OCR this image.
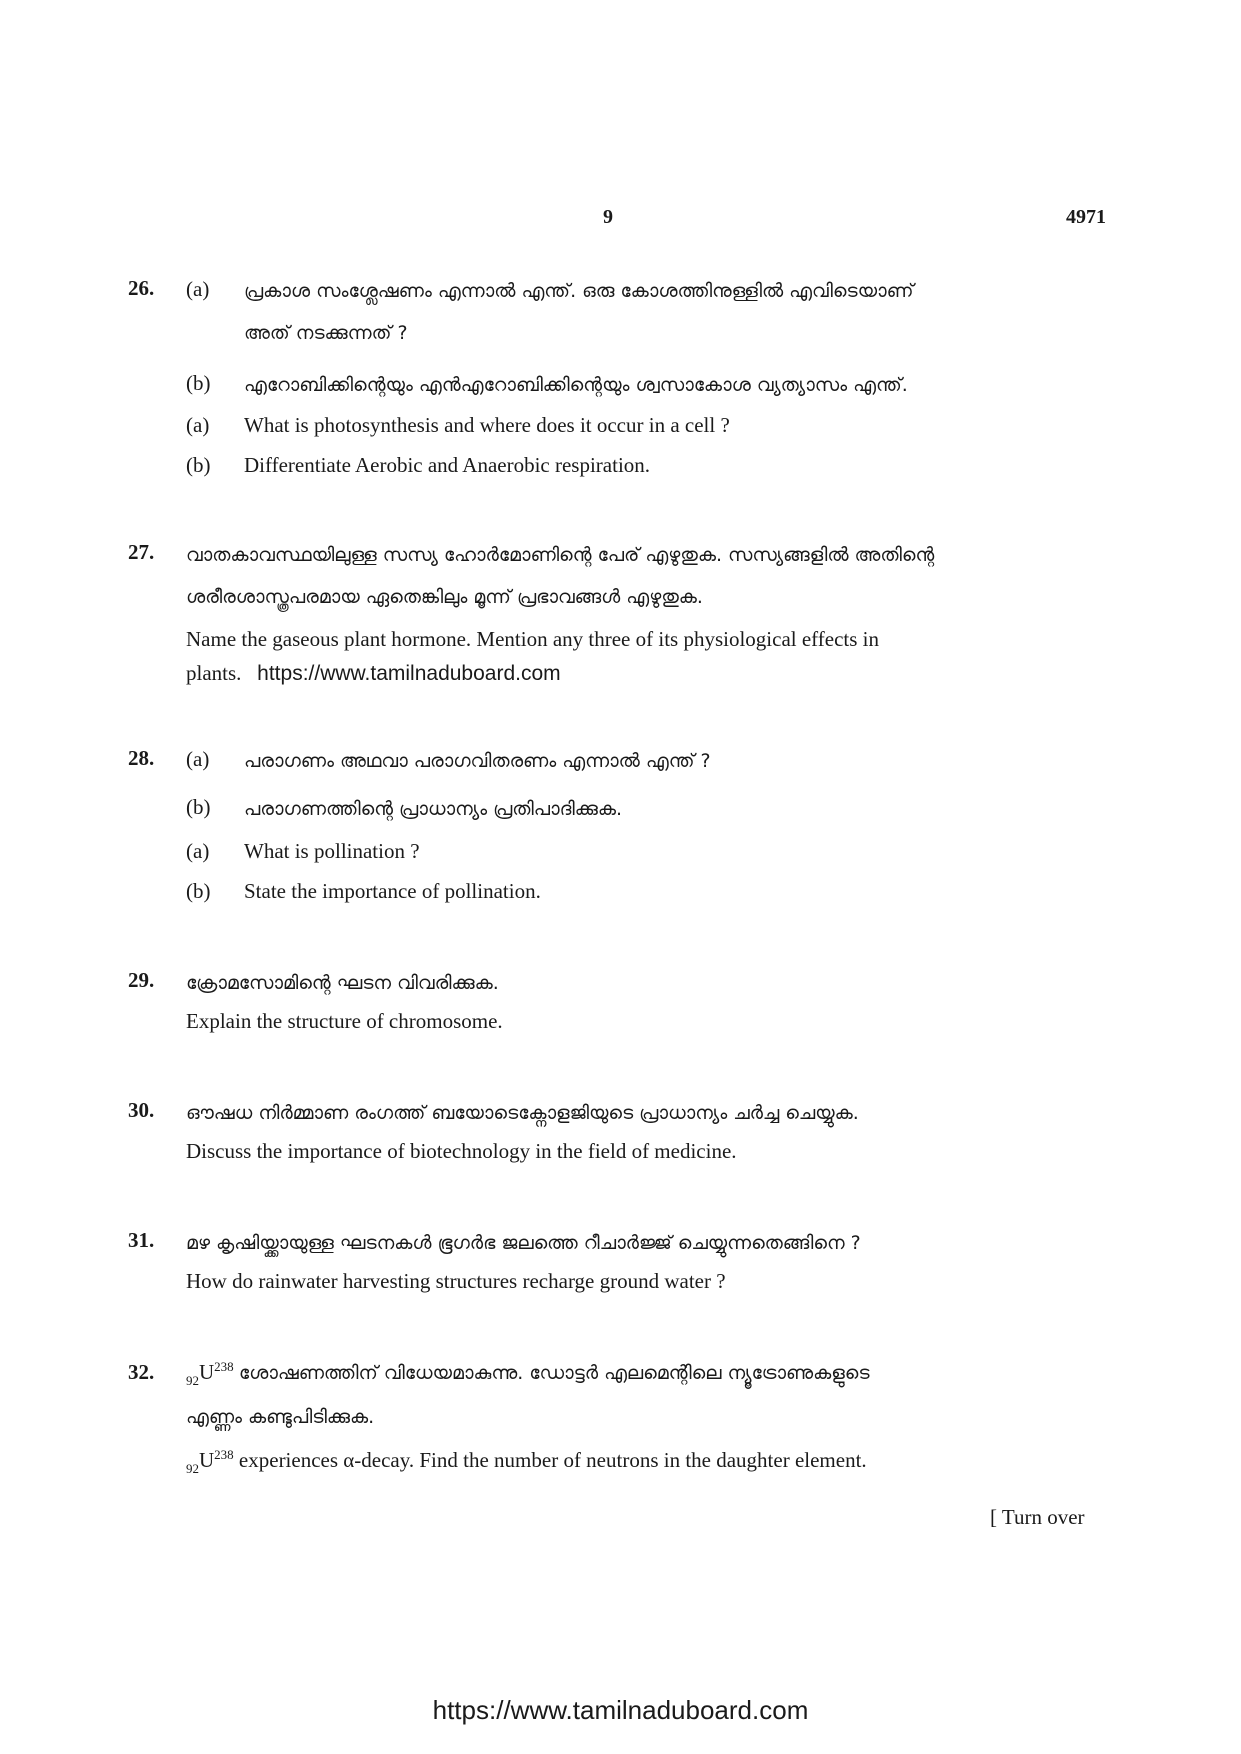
9	4971
26. (a) പ്രകാശ സംശ്ലേഷണം എന്നാൽ എന്ത്. ഒരു കോശത്തിനുള്ളിൽ എവിടെയാണ്
അത് നടക്കുന്നത് ?
(b) എറോബിക്കിന്റെയും എൻഎറോബിക്കിന്റെയും ശ്വസാകോശ വ്യത്യാസം എന്ത്.
(a) What is photosynthesis and where does it occur in a cell ?
(b) Differentiate Aerobic and Anaerobic respiration.
27. വാതകാവസ്ഥയിലുള്ള സസ്യ ഹോർമോണിന്റെ പേര് എഴുതുക. സസ്യങ്ങളിൽ അതിന്റെ
ശരീരശാസ്ത്രപരമായ ഏതെങ്കിലും മൂന്ന് പ്രഭാവങ്ങൾ എഴുതുക.
Name the gaseous plant hormone. Mention any three of its physiological effects in
plants. https://www.tamilnaduboard.com
28. (a) പരാഗണം അഥവാ പരാഗവിതരണം എന്നാൽ എന്ത് ?
(b) പരാഗണത്തിന്റെ പ്രാധാന്യം പ്രതിപാദിക്കുക.
(a) What is pollination ?
(b) State the importance of pollination.
29. ക്രോമസോമിന്റെ ഘടന വിവരിക്കുക.
Explain the structure of chromosome.
30. ഔഷധ നിർമ്മാണ രംഗത്ത് ബയോടെക്നോളജിയുടെ പ്രാധാന്യം ചർച്ച ചെയ്യുക.
Discuss the importance of biotechnology in the field of medicine.
31. മഴ കൃഷിയ്ക്കായുള്ള ഘടനകൾ ഭൂഗർഭ ജലത്തെ റീചാർജ്ജ് ചെയ്യുന്നതെങ്ങിനെ ?
How do rainwater harvesting structures recharge ground water ?
32. $_{92}U^{238}$ ശോഷണത്തിന് വിധേയമാകുന്നു. ഡോട്ടർ എലമെന്റിലെ ന്യൂട്രോണുകളുടെ
എണ്ണം കണ്ടുപിടിക്കുക.
$_{92}U^{238}$ experiences α-decay. Find the number of neutrons in the daughter element.
[ Turn over
https://www.tamilnaduboard.com
